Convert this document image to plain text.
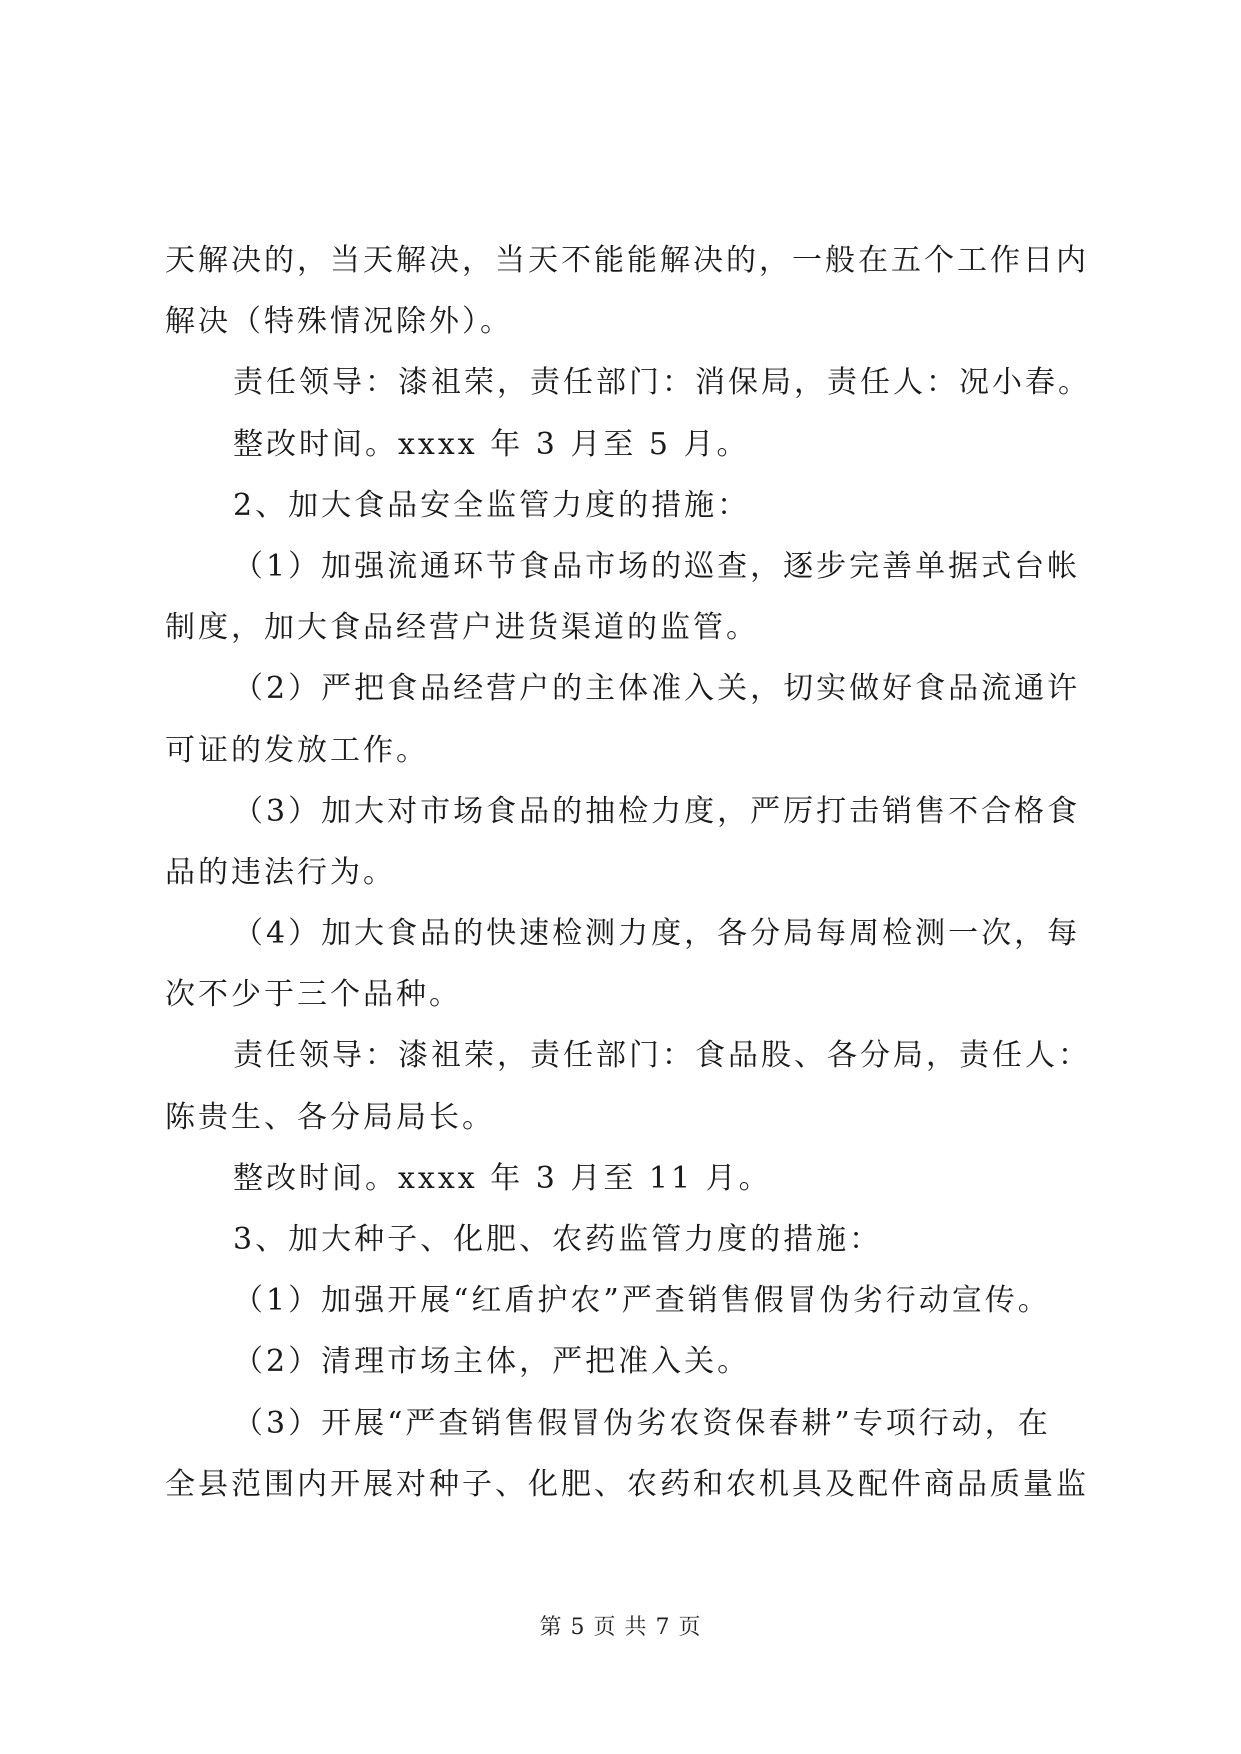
天解决的，当天解决，当天不能能解决的，一般在五个工作日内
解决（特殊情况除外）。
责任领导：漆祖荣，责任部门：消保局，责任人：况小春。
整改时间。xxxx 年 3 月至 5 月。
2、加大食品安全监管力度的措施：
（1）加强流通环节食品市场的巡查，逐步完善单据式台帐
制度，加大食品经营户进货渠道的监管。
（2）严把食品经营户的主体准入关，切实做好食品流通许
可证的发放工作。
（3）加大对市场食品的抽检力度，严厉打击销售不合格食
品的违法行为。
（4）加大食品的快速检测力度，各分局每周检测一次，每
次不少于三个品种。
责任领导：漆祖荣，责任部门：食品股、各分局，责任人：
陈贵生、各分局局长。
整改时间。xxxx 年 3 月至 11 月。
3、加大种子、化肥、农药监管力度的措施：
（1）加强开展“红盾护农”严查销售假冒伪劣行动宣传。
（2）清理市场主体，严把准入关。
（3）开展“严查销售假冒伪劣农资保春耕”专项行动，在
全县范围内开展对种子、化肥、农药和农机具及配件商品质量监
第 5 页 共 7 页
